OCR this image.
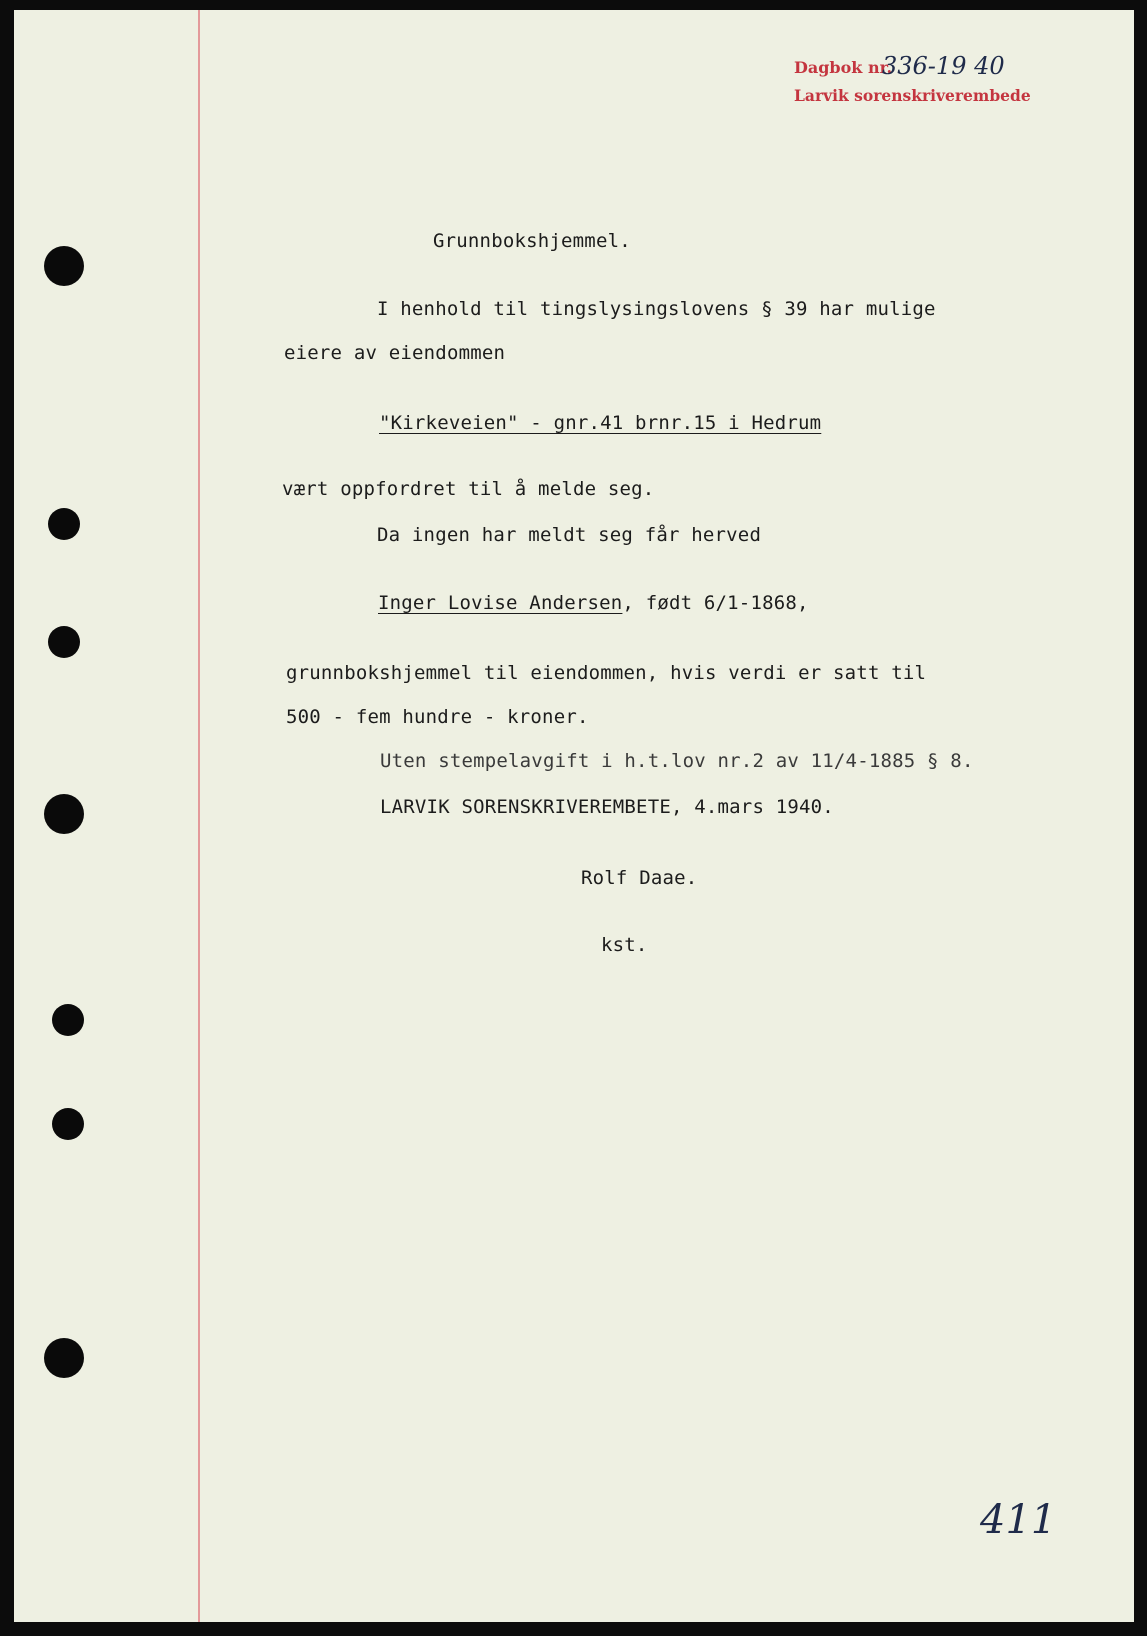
Dagbok nr.
336-19 40
Larvik sorenskriverembede
Grunnbokshjemmel.
I henhold til tingslysingslovens § 39 har mulige
eiere av eiendommen
"Kirkeveien" - gnr.41 brnr.15 i Hedrum
vært oppfordret til å melde seg.
Da ingen har meldt seg får herved
Inger Lovise Andersen, født 6/1-1868,
grunnbokshjemmel til eiendommen, hvis verdi er satt til
500 - fem hundre - kroner.
Uten stempelavgift i h.t.lov nr.2 av 11/4-1885 § 8.
LARVIK SORENSKRIVEREMBETE, 4.mars 1940.
Rolf Daae.
kst.
411
